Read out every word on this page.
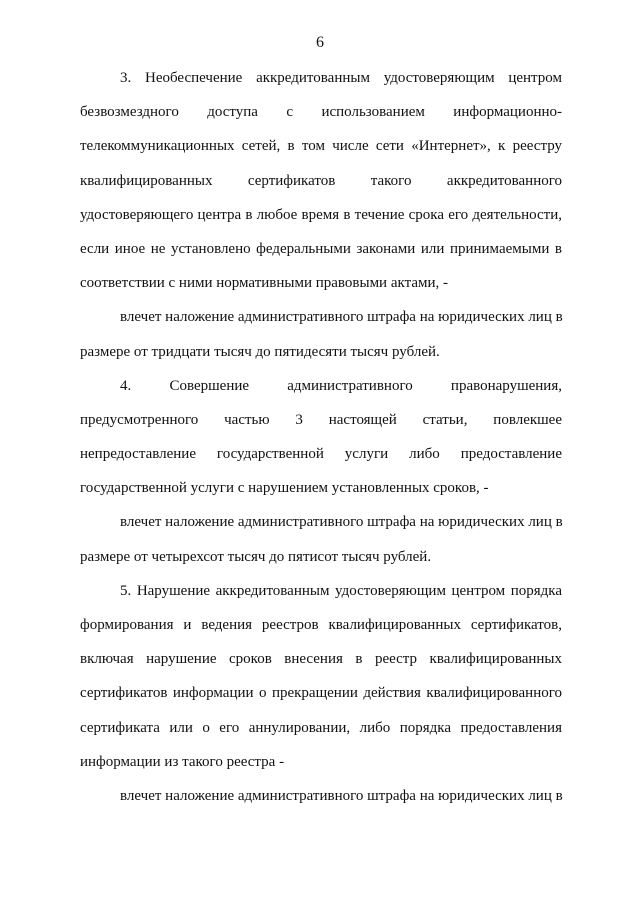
6
3. Необеспечение аккредитованным удостоверяющим центром
безвозмездного доступа с использованием информационно-
телекоммуникационных сетей, в том числе сети «Интернет», к реестру
квалифицированных сертификатов такого аккредитованного
удостоверяющего центра в любое время в течение срока его деятельности,
если иное не установлено федеральными законами или принимаемыми в
соответствии с ними нормативными правовыми актами, -
влечет наложение административного штрафа на юридических лиц в
размере от тридцати тысяч до пятидесяти тысяч рублей.
4. Совершение административного правонарушения,
предусмотренного частью 3 настоящей статьи, повлекшее
непредоставление государственной услуги либо предоставление
государственной услуги с нарушением установленных сроков, -
влечет наложение административного штрафа на юридических лиц в
размере от четырехсот тысяч до пятисот тысяч рублей.
5. Нарушение аккредитованным удостоверяющим центром порядка
формирования и ведения реестров квалифицированных сертификатов,
включая нарушение сроков внесения в реестр квалифицированных
сертификатов информации о прекращении действия квалифицированного
сертификата или о его аннулировании, либо порядка предоставления
информации из такого реестра -
влечет наложение административного штрафа на юридических лиц в
